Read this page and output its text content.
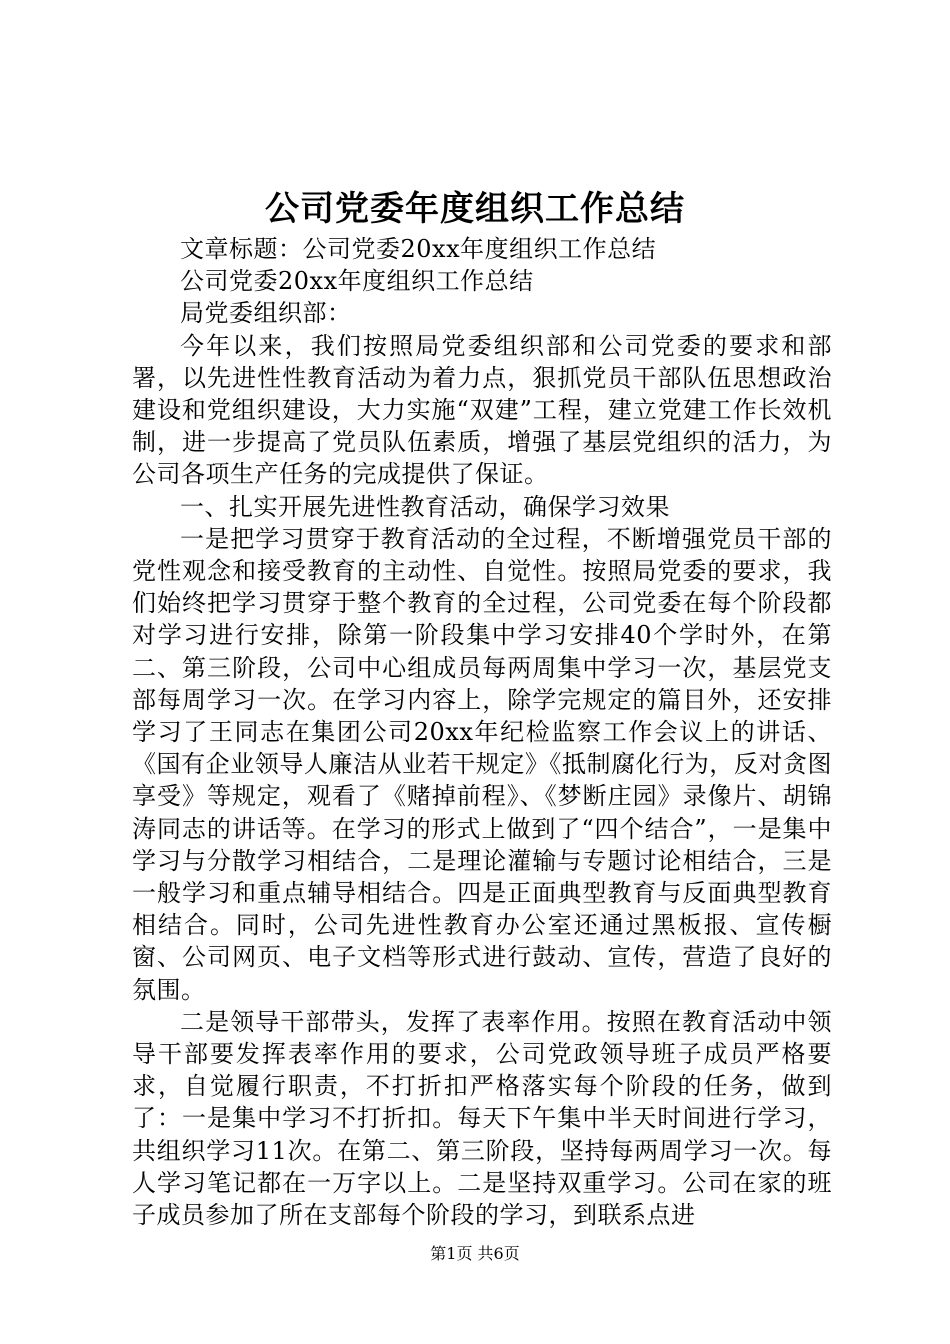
公司党委年度组织工作总结

文章标题：公司党委20xx年度组织工作总结

公司党委20xx年度组织工作总结

局党委组织部：

今年以来，我们按照局党委组织部和公司党委的要求和部署，以先进性性教育活动为着力点，狠抓党员干部队伍思想政治建设和党组织建设，大力实施“双建”工程，建立党建工作长效机制，进一步提高了党员队伍素质，增强了基层党组织的活力，为公司各项生产任务的完成提供了保证。

一、扎实开展先进性教育活动，确保学习效果

一是把学习贯穿于教育活动的全过程，不断增强党员干部的党性观念和接受教育的主动性、自觉性。按照局党委的要求，我们始终把学习贯穿于整个教育的全过程，公司党委在每个阶段都对学习进行安排，除第一阶段集中学习安排40个学时外，在第二、第三阶段，公司中心组成员每两周集中学习一次，基层党支部每周学习一次。在学习内容上，除学完规定的篇目外，还安排学习了王同志在集团公司20xx年纪检监察工作会议上的讲话、《国有企业领导人廉洁从业若干规定》《抵制腐化行为，反对贪图享受》等规定，观看了《赌掉前程》、《梦断庄园》录像片、胡锦涛同志的讲话等。在学习的形式上做到了“四个结合”，一是集中学习与分散学习相结合，二是理论灌输与专题讨论相结合，三是一般学习和重点辅导相结合。四是正面典型教育与反面典型教育相结合。同时，公司先进性教育办公室还通过黑板报、宣传橱窗、公司网页、电子文档等形式进行鼓动、宣传，营造了良好的氛围。

二是领导干部带头，发挥了表率作用。按照在教育活动中领导干部要发挥表率作用的要求，公司党政领导班子成员严格要求，自觉履行职责，不打折扣严格落实每个阶段的任务，做到了：一是集中学习不打折扣。每天下午集中半天时间进行学习，共组织学习11次。在第二、第三阶段，坚持每两周学习一次。每人学习笔记都在一万字以上。二是坚持双重学习。公司在家的班子成员参加了所在支部每个阶段的学习，到联系点进

第1页 共6页
